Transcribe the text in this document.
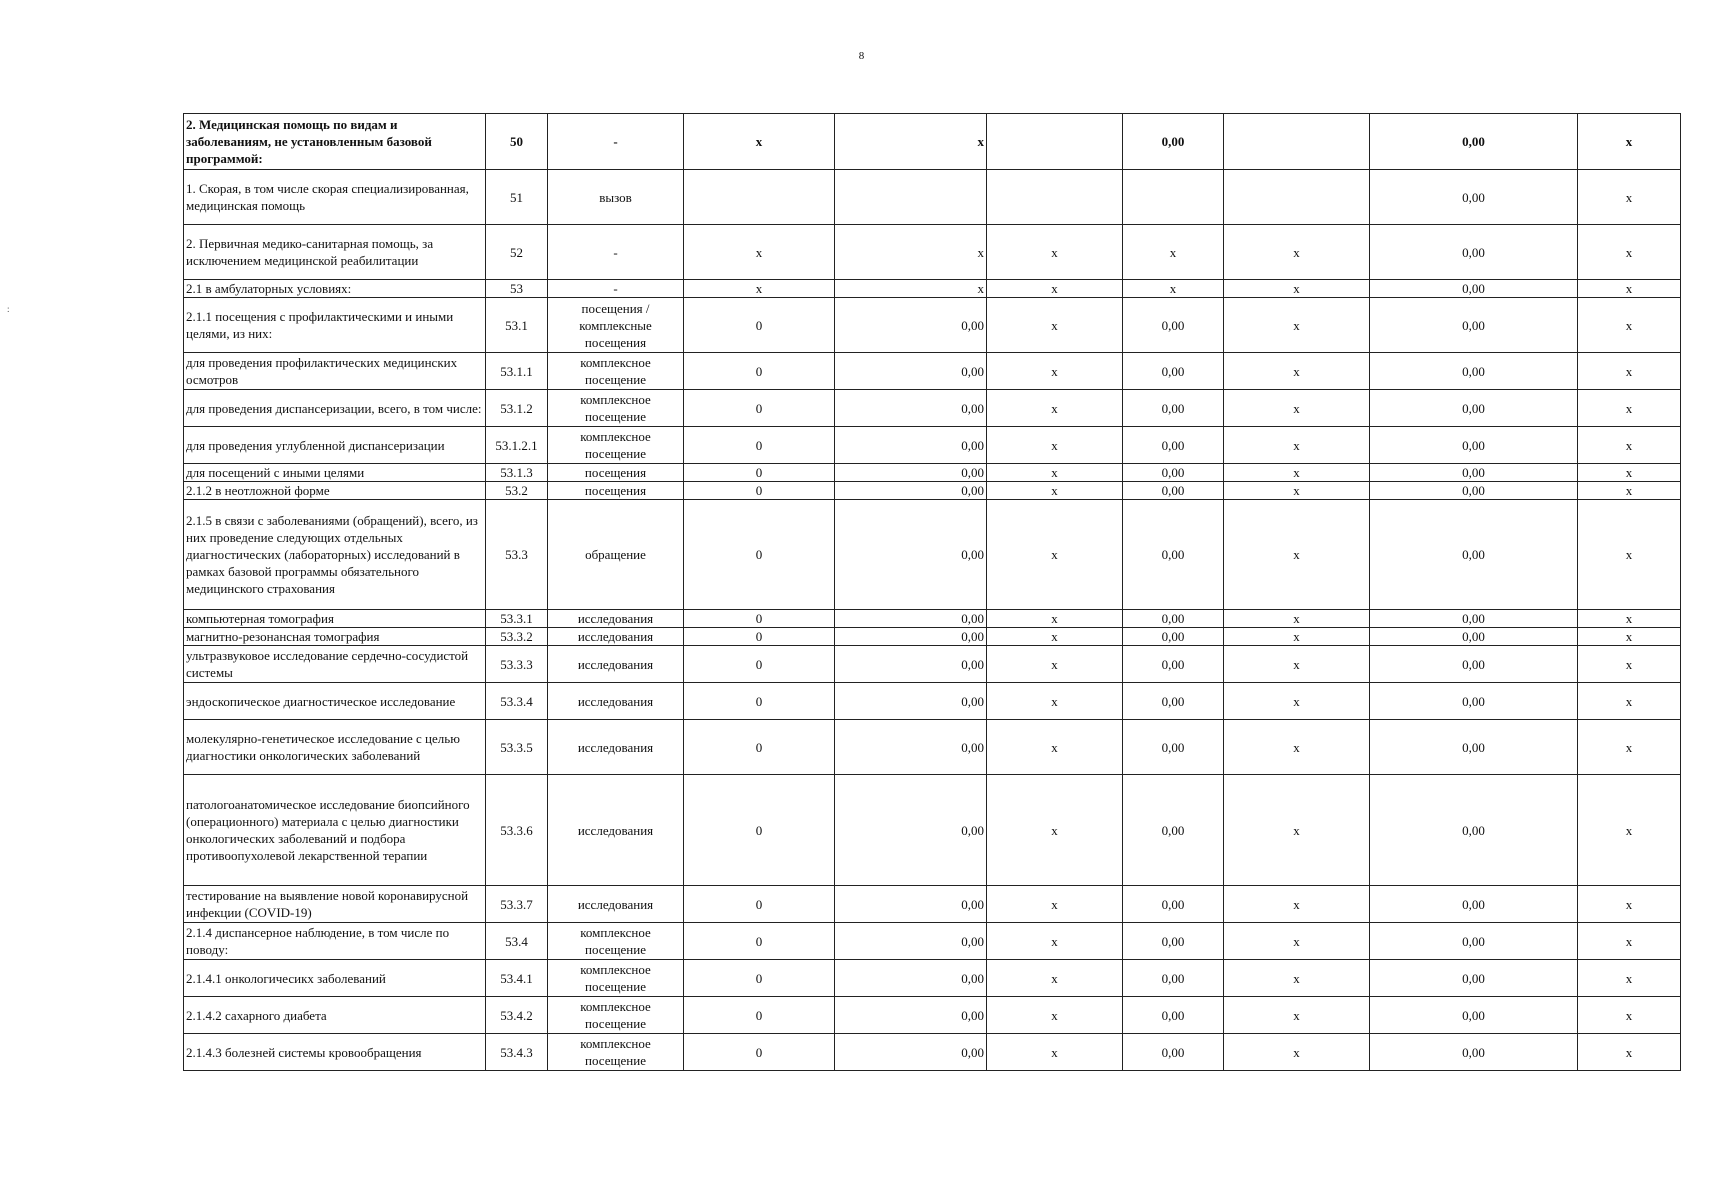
8
:
2. Медицинская помощь по видам и заболеваниям, не установленным базовой программой:	50	-	x	x		0,00		0,00	x
1. Скорая, в том числе скорая специализированная, медицинская помощь	51	вызов						0,00	x
2. Первичная медико-санитарная помощь, за исключением медицинской реабилитации	52	-	x	x	x	x	x	0,00	x
2.1 в амбулаторных условиях:	53	-	x	x	x	x	x	0,00	x
2.1.1 посещения с профилактическими и иными целями, из них:	53.1	посещения / комплексные посещения	0	0,00	x	0,00	x	0,00	x
для проведения профилактических медицинских осмотров	53.1.1	комплексное посещение	0	0,00	x	0,00	x	0,00	x
для проведения диспансеризации, всего, в том числе:	53.1.2	комплексное посещение	0	0,00	x	0,00	x	0,00	x
для проведения углубленной диспансеризации	53.1.2.1	комплексное посещение	0	0,00	x	0,00	x	0,00	x
для посещений с иными целями	53.1.3	посещения	0	0,00	x	0,00	x	0,00	x
2.1.2 в неотложной форме	53.2	посещения	0	0,00	x	0,00	x	0,00	x
2.1.5 в связи с заболеваниями (обращений), всего, из них проведение следующих отдельных диагностических (лабораторных) исследований в рамках базовой программы обязательного медицинского страхования	53.3	обращение	0	0,00	x	0,00	x	0,00	x
компьютерная томография	53.3.1	исследования	0	0,00	x	0,00	x	0,00	x
магнитно-резонансная томография	53.3.2	исследования	0	0,00	x	0,00	x	0,00	x
ультразвуковое исследование сердечно-сосудистой системы	53.3.3	исследования	0	0,00	x	0,00	x	0,00	x
эндоскопическое диагностическое исследование	53.3.4	исследования	0	0,00	x	0,00	x	0,00	x
молекулярно-генетическое исследование с целью диагностики онкологических заболеваний	53.3.5	исследования	0	0,00	x	0,00	x	0,00	x
патологоанатомическое исследование биопсийного (операционного) материала с целью диагностики онкологических заболеваний и подбора противоопухолевой лекарственной терапии	53.3.6	исследования	0	0,00	x	0,00	x	0,00	x
тестирование на выявление новой коронавирусной инфекции (COVID-19)	53.3.7	исследования	0	0,00	x	0,00	x	0,00	x
2.1.4 диспансерное наблюдение, в том числе по поводу:	53.4	комплексное посещение	0	0,00	x	0,00	x	0,00	x
2.1.4.1 онкологичесикх заболеваний	53.4.1	комплексное посещение	0	0,00	x	0,00	x	0,00	x
2.1.4.2 сахарного диабета	53.4.2	комплексное посещение	0	0,00	x	0,00	x	0,00	x
2.1.4.3 болезней системы кровообращения	53.4.3	комплексное посещение	0	0,00	x	0,00	x	0,00	x
